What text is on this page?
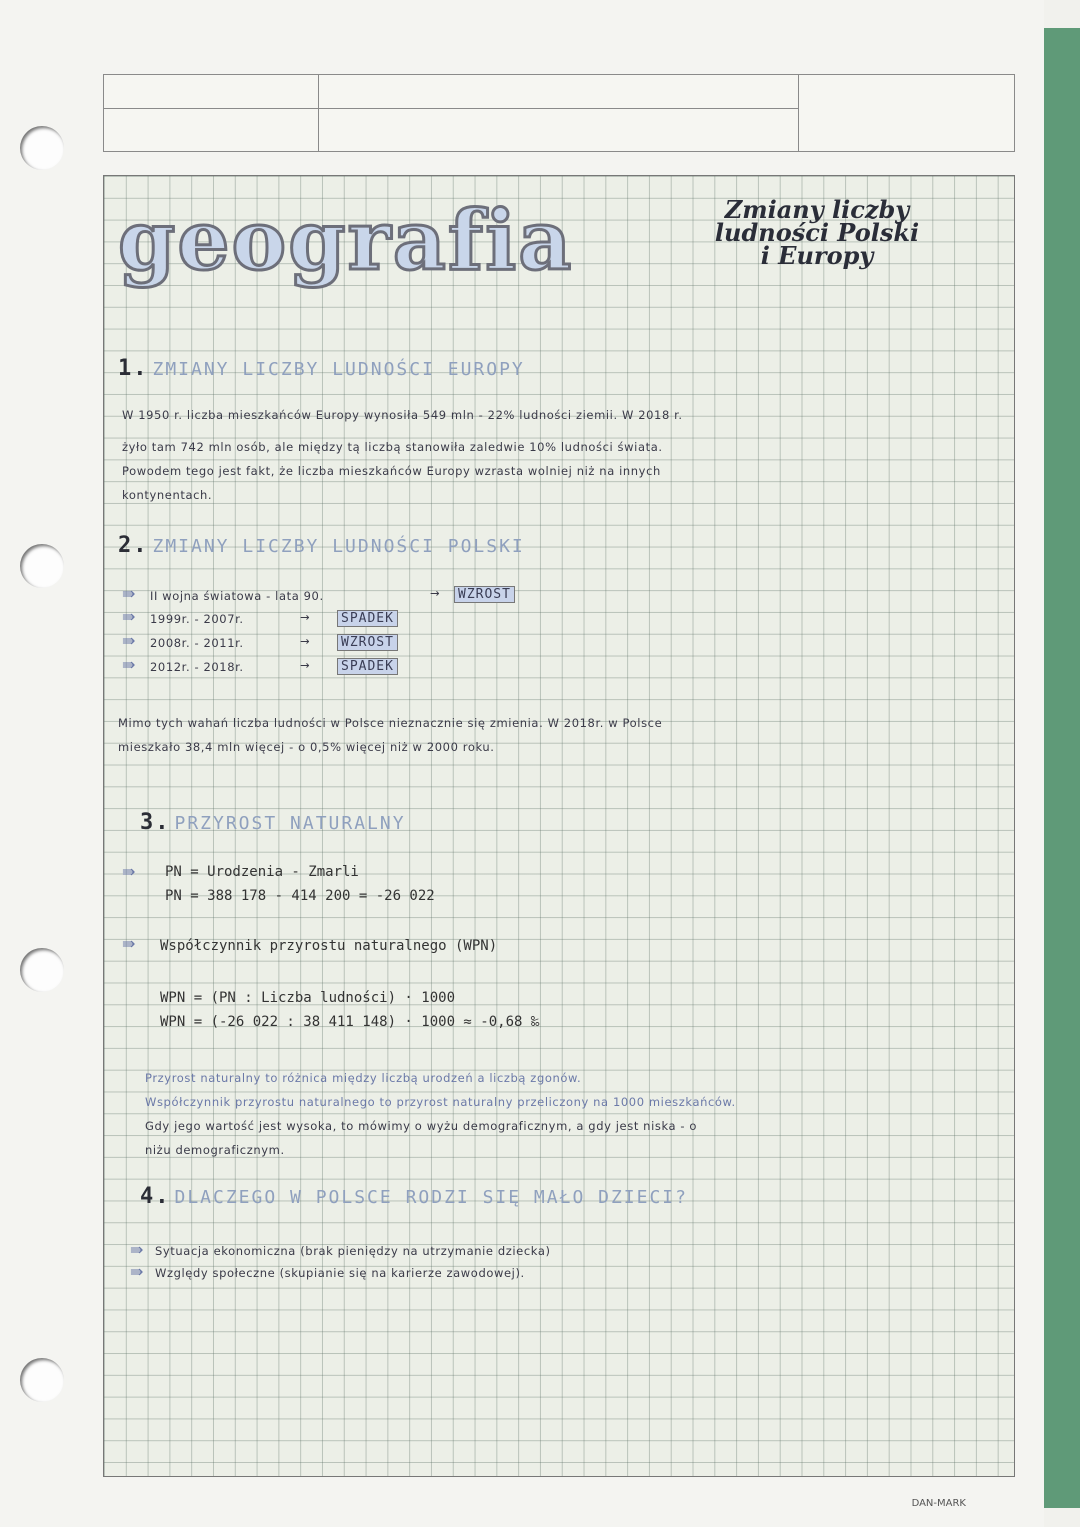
geografia	Zmiany liczby
ludności Polski
i Europy
1. ZMIANY LICZBY LUDNOŚCI EUROPY
W 1950 r. liczba mieszkańców Europy wynosiła 549 mln - 22% ludności ziemii. W 2018 r.
żyło tam 742 mln osób, ale między tą liczbą stanowiła zaledwie 10% ludności świata.
Powodem tego jest fakt, że liczba mieszkańców Europy wzrasta wolniej niż na innych
kontynentach.
2. ZMIANY LICZBY LUDNOŚCI POLSKI
⇛ II wojna światowa - lata 90.	→	WZROST
⇛ 1999r. - 2007r.	→	SPADEK
⇛ 2008r. - 2011r.	→	WZROST
⇛ 2012r. - 2018r.	→	SPADEK
Mimo tych wahań liczba ludności w Polsce nieznacznie się zmienia. W 2018r. w Polsce
mieszkało 38,4 mln więcej - o 0,5% więcej niż w 2000 roku.
3. PRZYROST NATURALNY
⇛ PN = Urodzenia - Zmarli
PN = 388 178 - 414 200 = -26 022
⇛ Współczynnik przyrostu naturalnego (WPN)
WPN = (PN : Liczba ludności) · 1000
WPN = (-26 022 : 38 411 148) · 1000 ≈ -0,68 ‰
Przyrost naturalny to różnica między liczbą urodzeń a liczbą zgonów.
Współczynnik przyrostu naturalnego to przyrost naturalny przeliczony na 1000 mieszkańców.
Gdy jego wartość jest wysoka, to mówimy o wyżu demograficznym, a gdy jest niska - o
niżu demograficznym.
4. DLACZEGO W POLSCE RODZI SIĘ MAŁO DZIECI?
⇛ Sytuacja ekonomiczna (brak pieniędzy na utrzymanie dziecka)
⇛ Względy społeczne (skupianie się na karierze zawodowej).
DAN-MARK
